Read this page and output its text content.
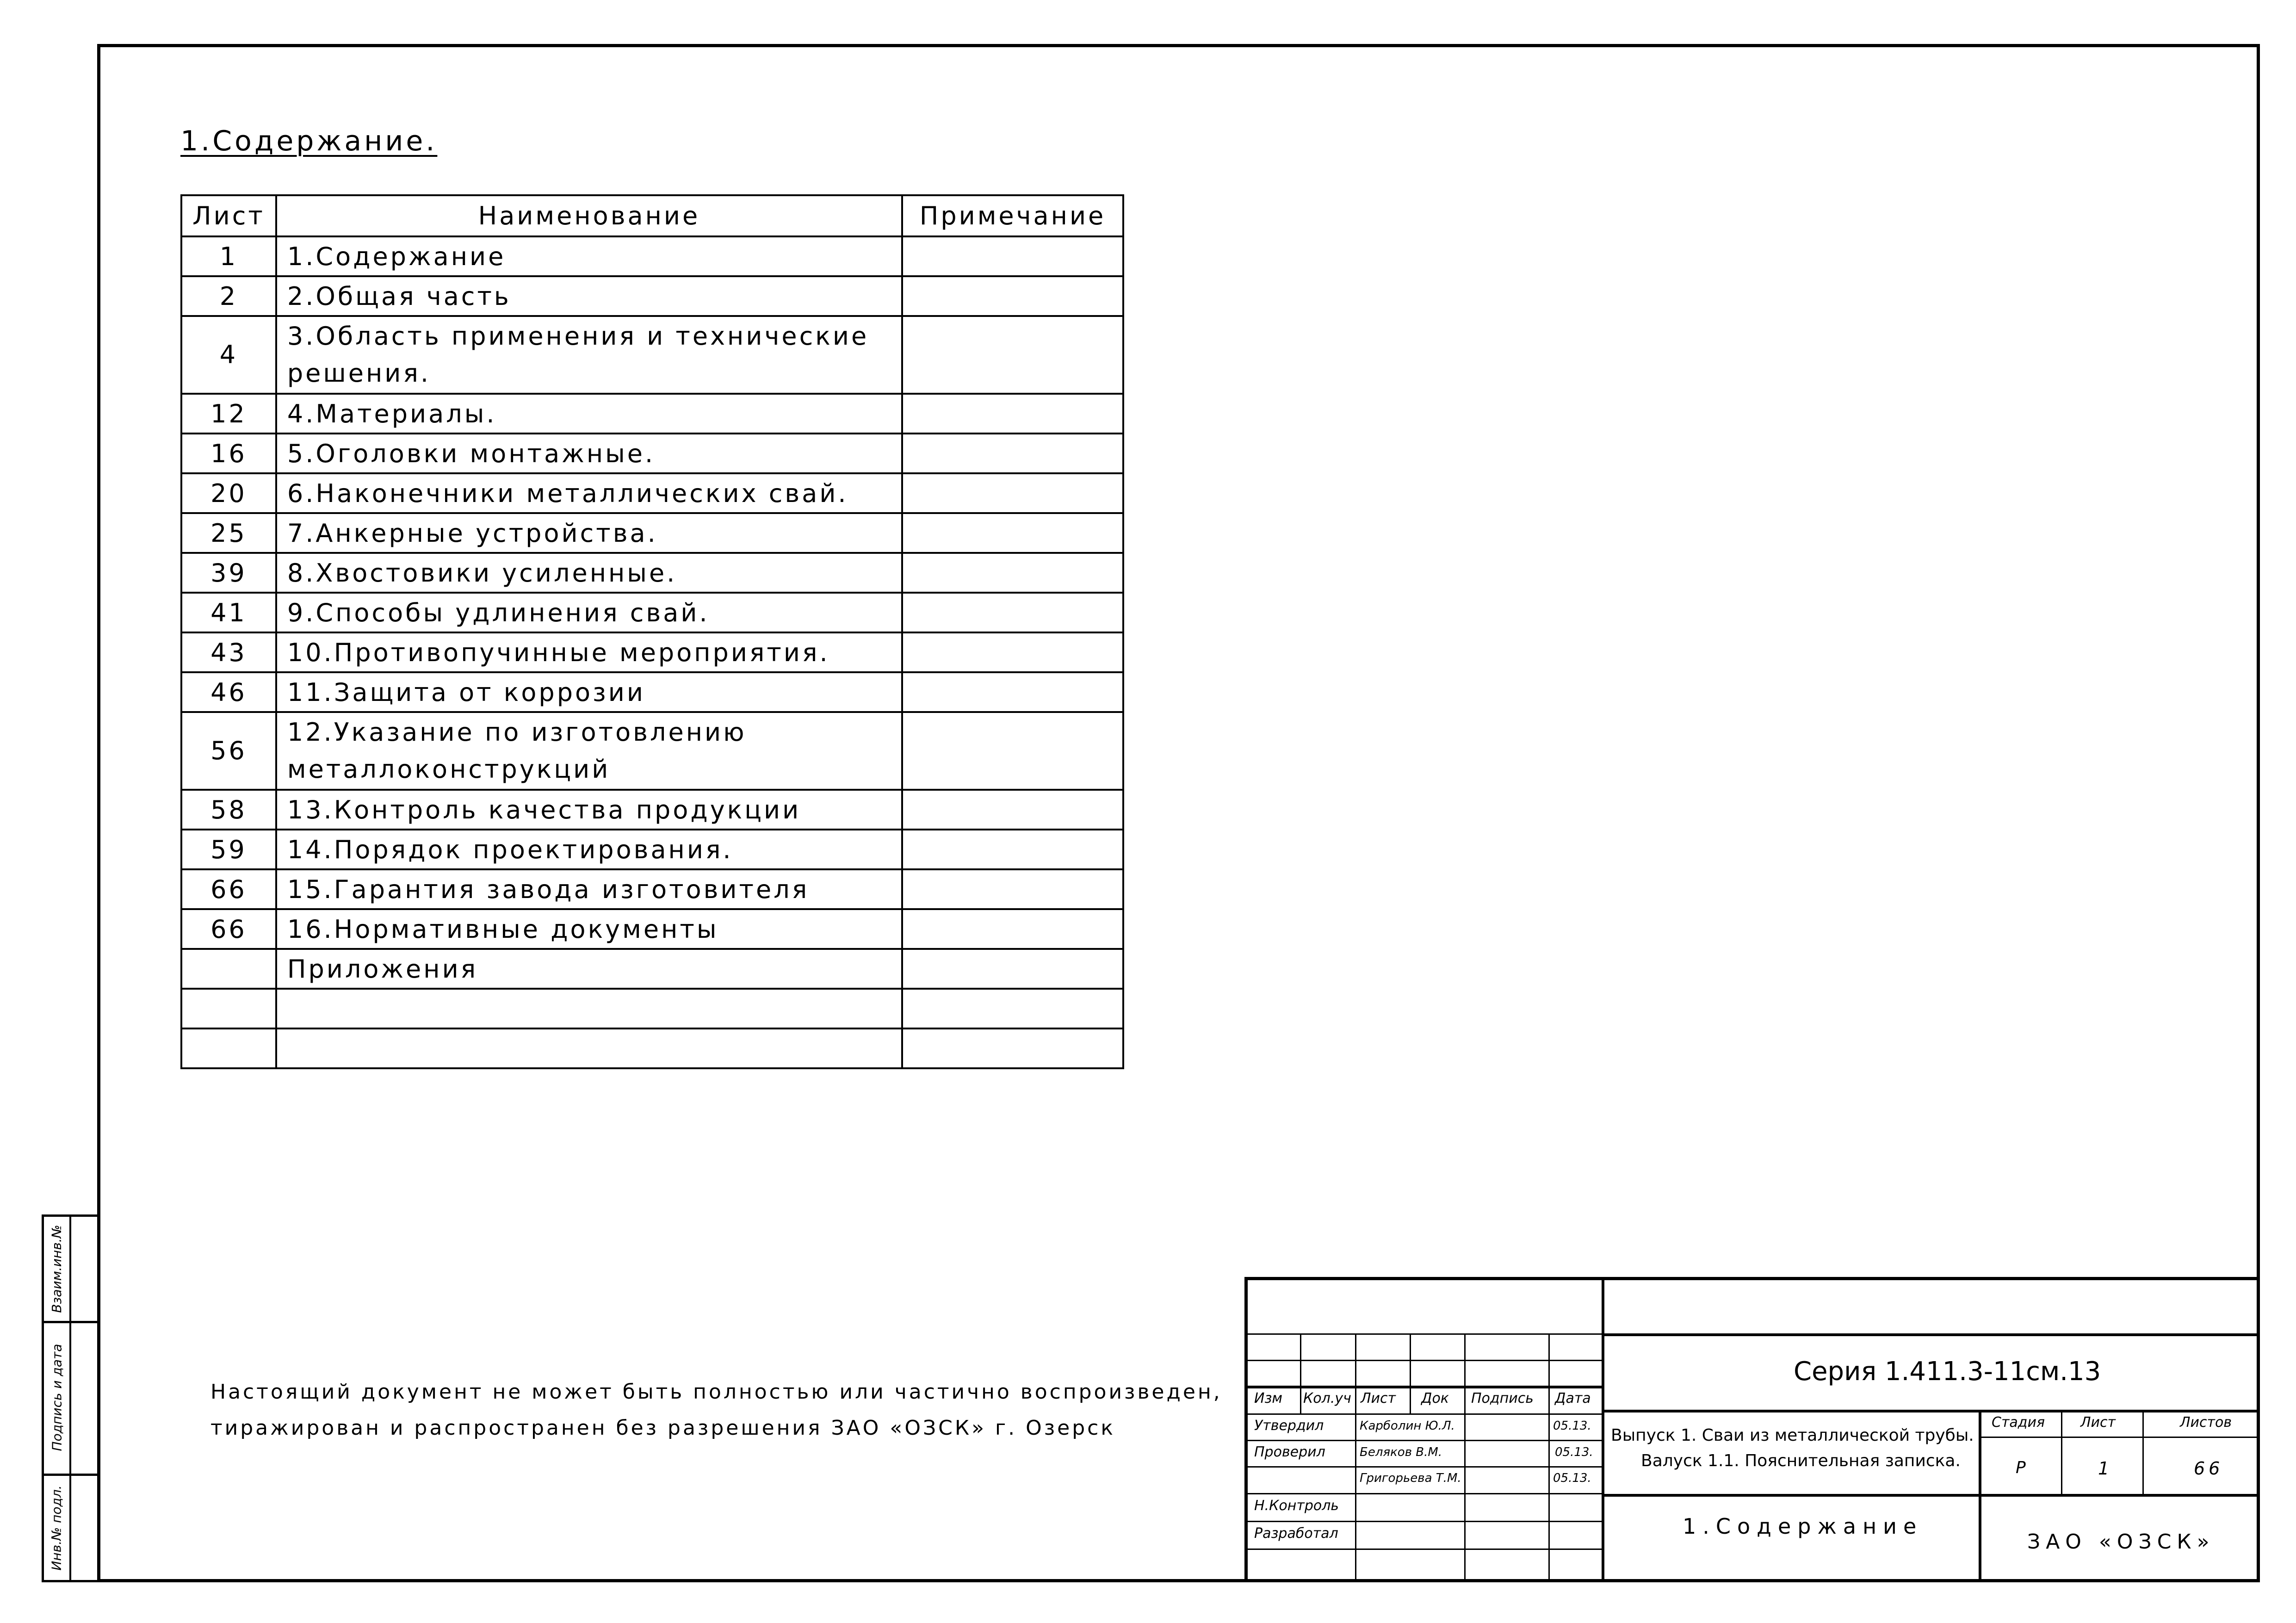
Взаим.инв.№
Подпись и дата
Инв.№ подл.
1.Содержание.
Лист	Наименование	Примечание
1	1.Содержание	
2	2.Общая часть	
4	3.Область применения и технические решения.	
12	4.Материалы.	
16	5.Оголовки монтажные.	
20	6.Наконечники металлических свай.	
25	7.Анкерные устройства.	
39	8.Хвостовики усиленные.	
41	9.Способы удлинения свай.	
43	10.Противопучинные мероприятия.	
46	11.Защита от коррозии	
56	12.Указание по изготовлению металлоконструкций	
58	13.Контроль качества продукции	
59	14.Порядок проектирования.	
66	15.Гарантия завода изготовителя	
66	16.Нормативные документы	
	Приложения	

Настоящий документ не может быть полностью или частично воспроизведен,
тиражирован и распространен без разрешения ЗАО «ОЗСК» г. Озерск
Изм Кол.уч Лист Док Подпись Дата
Утвердил	Карболин Ю.Л.	05.13.
Проверил	Беляков В.М.	05.13.
Григорьева Т.М.	05.13.
Н.Контроль
Разработал
Серия 1.411.3-11см.13
Выпуск 1. Сваи из металлической трубы.
Валуск 1.1. Пояснительная записка.
Стадия	Лист	Листов
Р	1	66
1.Содержание
ЗАО «ОЗСК»
